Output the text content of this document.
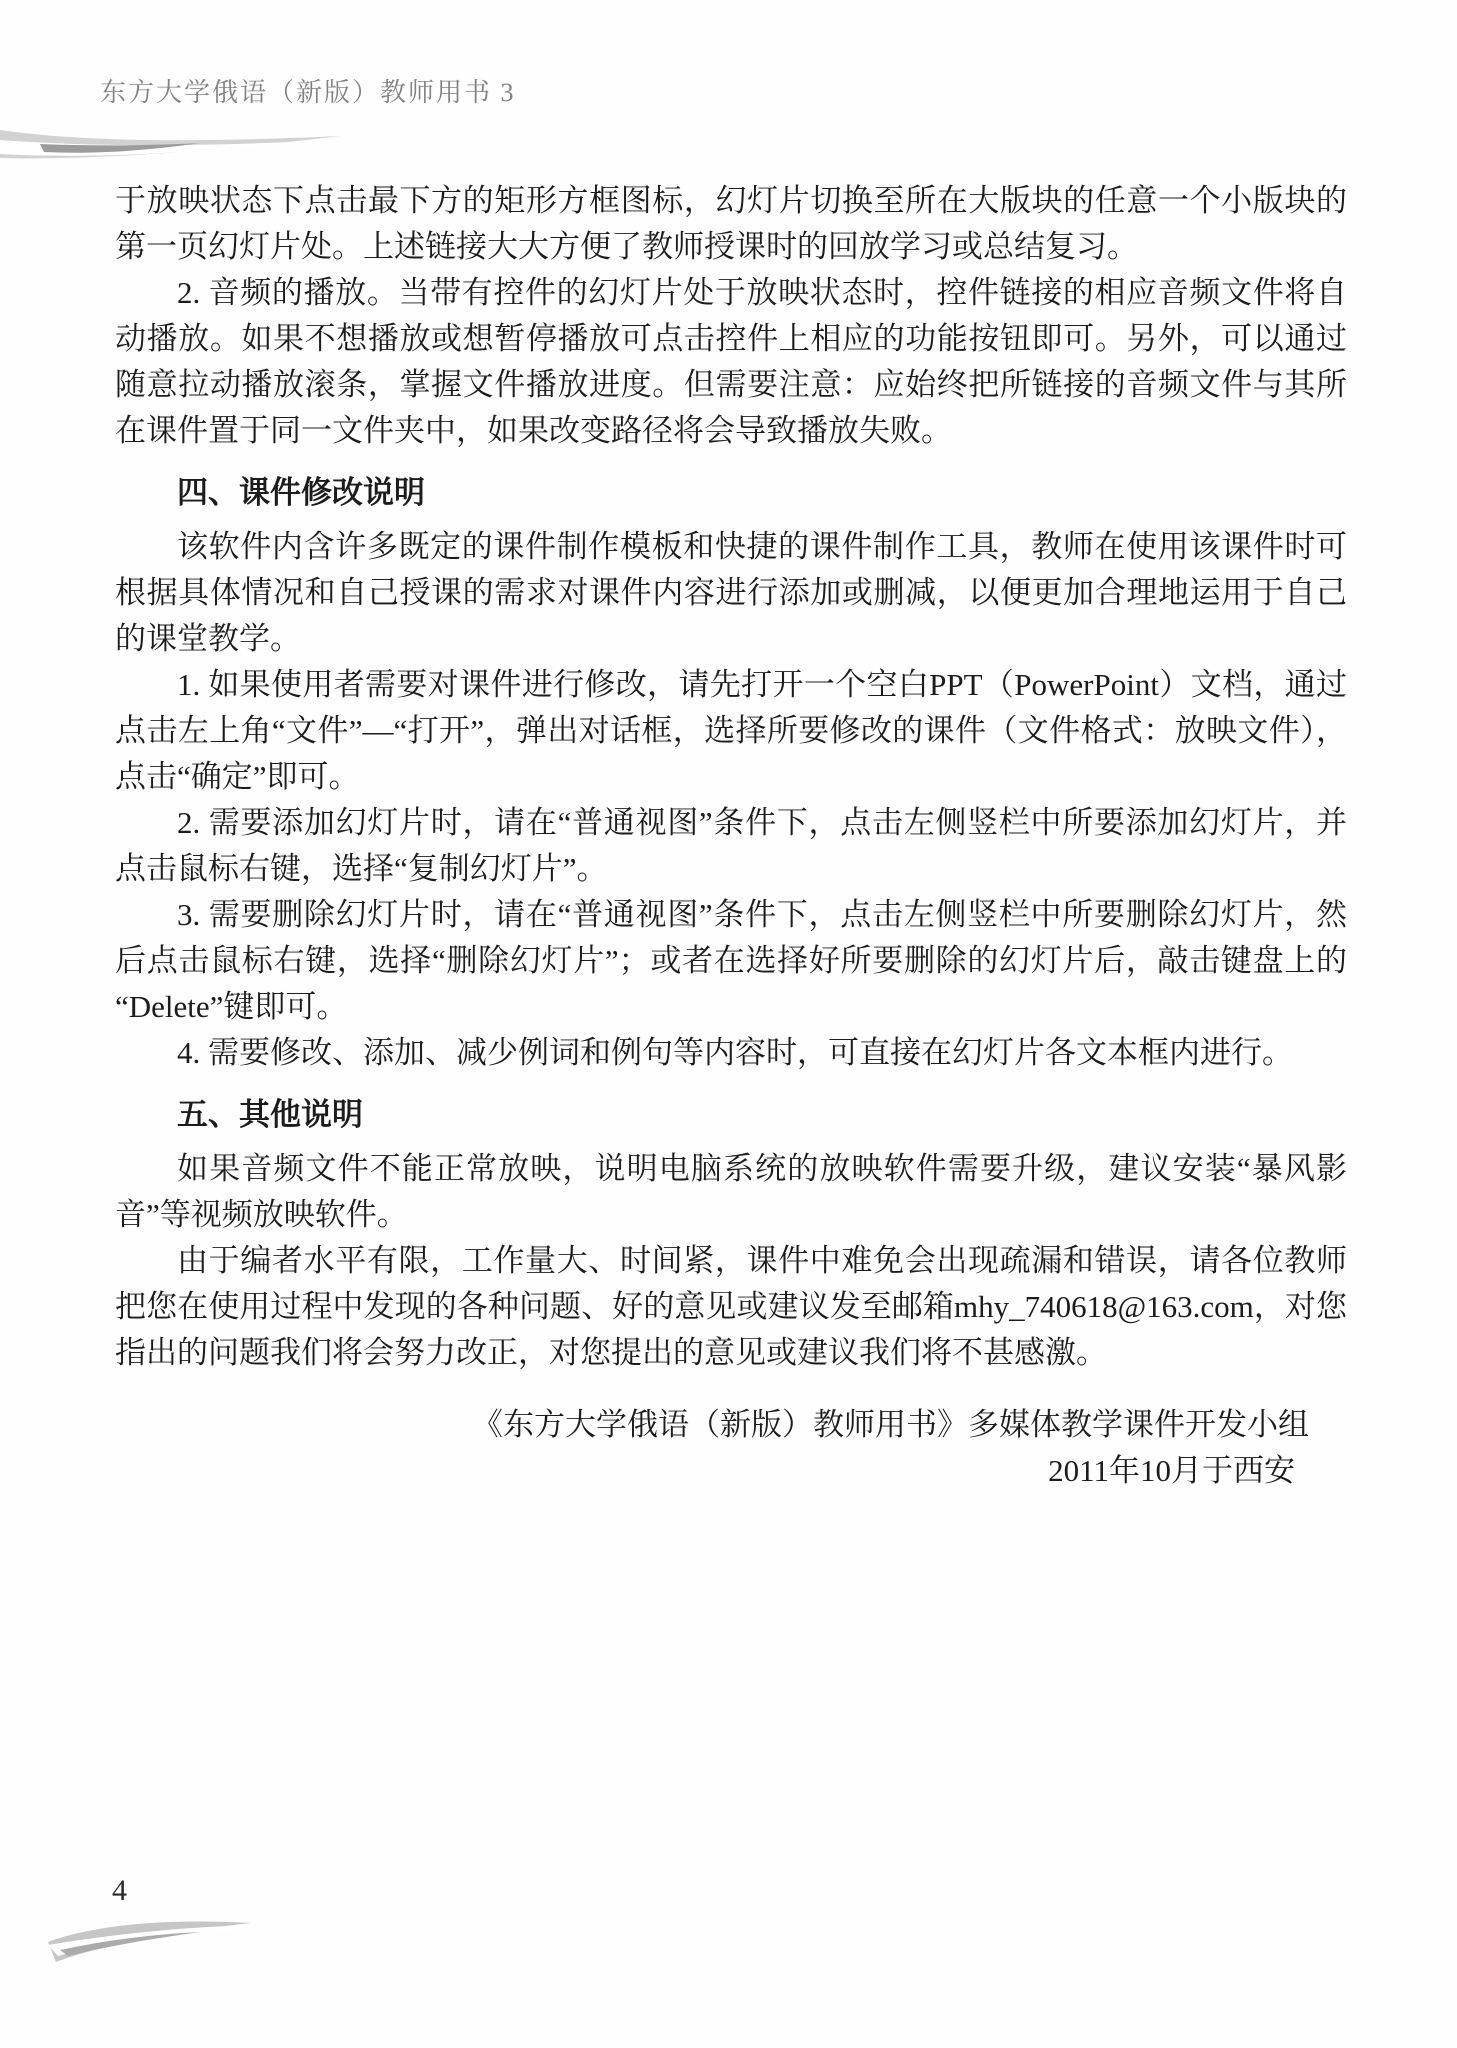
东方大学俄语（新版）教师用书 3

于放映状态下点击最下方的矩形方框图标，幻灯片切换至所在大版块的任意一个小版块的第一页幻灯片处。上述链接大大方便了教师授课时的回放学习或总结复习。

2. 音频的播放。当带有控件的幻灯片处于放映状态时，控件链接的相应音频文件将自动播放。如果不想播放或想暂停播放可点击控件上相应的功能按钮即可。另外，可以通过随意拉动播放滚条，掌握文件播放进度。但需要注意：应始终把所链接的音频文件与其所在课件置于同一文件夹中，如果改变路径将会导致播放失败。

四、课件修改说明

该软件内含许多既定的课件制作模板和快捷的课件制作工具，教师在使用该课件时可根据具体情况和自己授课的需求对课件内容进行添加或删减，以便更加合理地运用于自己的课堂教学。

1. 如果使用者需要对课件进行修改，请先打开一个空白PPT（PowerPoint）文档，通过点击左上角“文件”—“打开”，弹出对话框，选择所要修改的课件（文件格式：放映文件），点击“确定”即可。

2. 需要添加幻灯片时，请在“普通视图”条件下，点击左侧竖栏中所要添加幻灯片，并点击鼠标右键，选择“复制幻灯片”。

3. 需要删除幻灯片时，请在“普通视图”条件下，点击左侧竖栏中所要删除幻灯片，然后点击鼠标右键，选择“删除幻灯片”；或者在选择好所要删除的幻灯片后，敲击键盘上的“Delete”键即可。

4. 需要修改、添加、减少例词和例句等内容时，可直接在幻灯片各文本框内进行。

五、其他说明

如果音频文件不能正常放映，说明电脑系统的放映软件需要升级，建议安装“暴风影音”等视频放映软件。

由于编者水平有限，工作量大、时间紧，课件中难免会出现疏漏和错误，请各位教师把您在使用过程中发现的各种问题、好的意见或建议发至邮箱mhy_740618@163.com，对您指出的问题我们将会努力改正，对您提出的意见或建议我们将不甚感激。

《东方大学俄语（新版）教师用书》多媒体教学课件开发小组
2011年10月于西安
4
